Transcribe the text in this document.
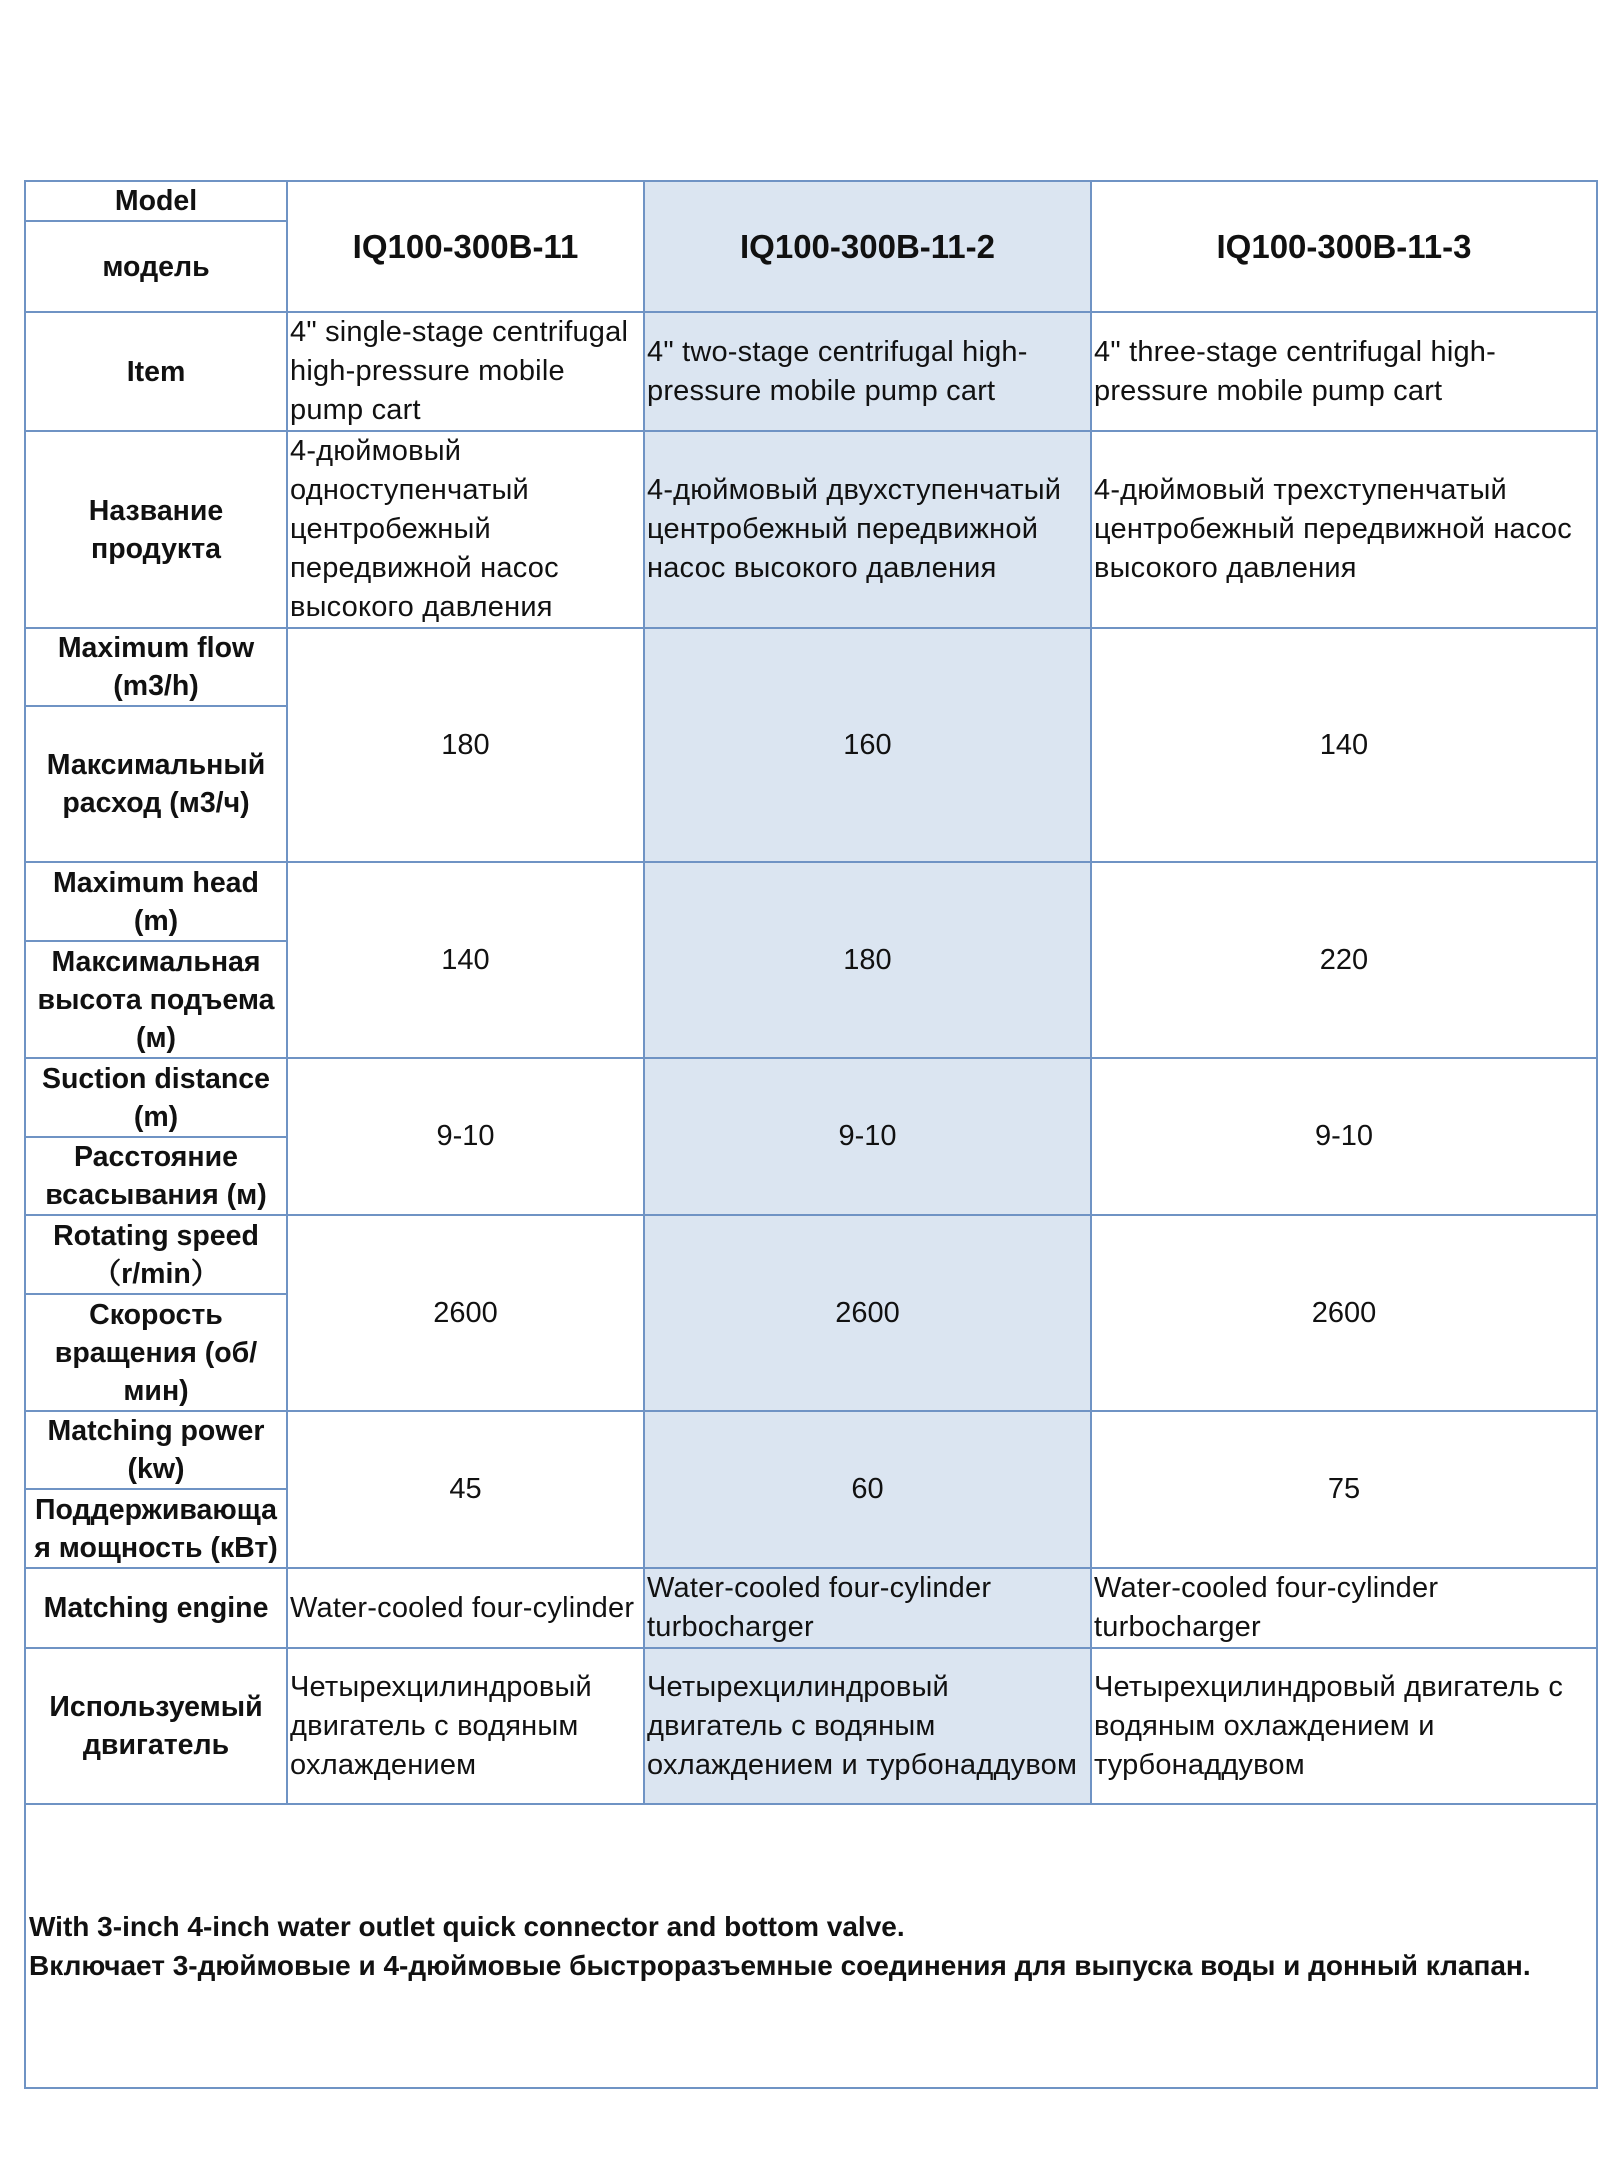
Model	IQ100-300B-11	IQ100-300B-11-2	IQ100-300B-11-3
модель			
Item	4" single-stage centrifugal high-pressure mobile pump cart	4" two-stage centrifugal high-pressure mobile pump cart	4" three-stage centrifugal high-pressure mobile pump cart
Название продукта	4-дюймовый одноступенчатый центробежный передвижной насос высокого давления	4-дюймовый двухступенчатый центробежный передвижной насос высокого давления	4-дюймовый трехступенчатый центробежный передвижной насос высокого давления
Maximum flow (m3/h)	180	160	140
Максимальный расход (м3/ч)			
Maximum head (m)	140	180	220
Максимальная высота подъема (м)			
Suction distance (m)	9-10	9-10	9-10
Расстояние всасывания (м)			
Rotating speed （r/min）	2600	2600	2600
Скорость вращения (об/мин)			
Matching power (kw)	45	60	75
Поддерживающа я мощность (кВт)			
Matching engine	Water-cooled four-cylinder	Water-cooled four-cylinder turbocharger	Water-cooled four-cylinder turbocharger
Используемый двигатель	Четырехцилиндровый двигатель с водяным охлаждением	Четырехцилиндровый двигатель с водяным охлаждением и турбонаддувом	Четырехцилиндровый двигатель с водяным охлаждением и турбонаддувом

With 3-inch 4-inch water outlet quick connector and bottom valve.
Включает 3-дюймовые и 4-дюймовые быстроразъемные соединения для выпуска воды и донный клапан.			
